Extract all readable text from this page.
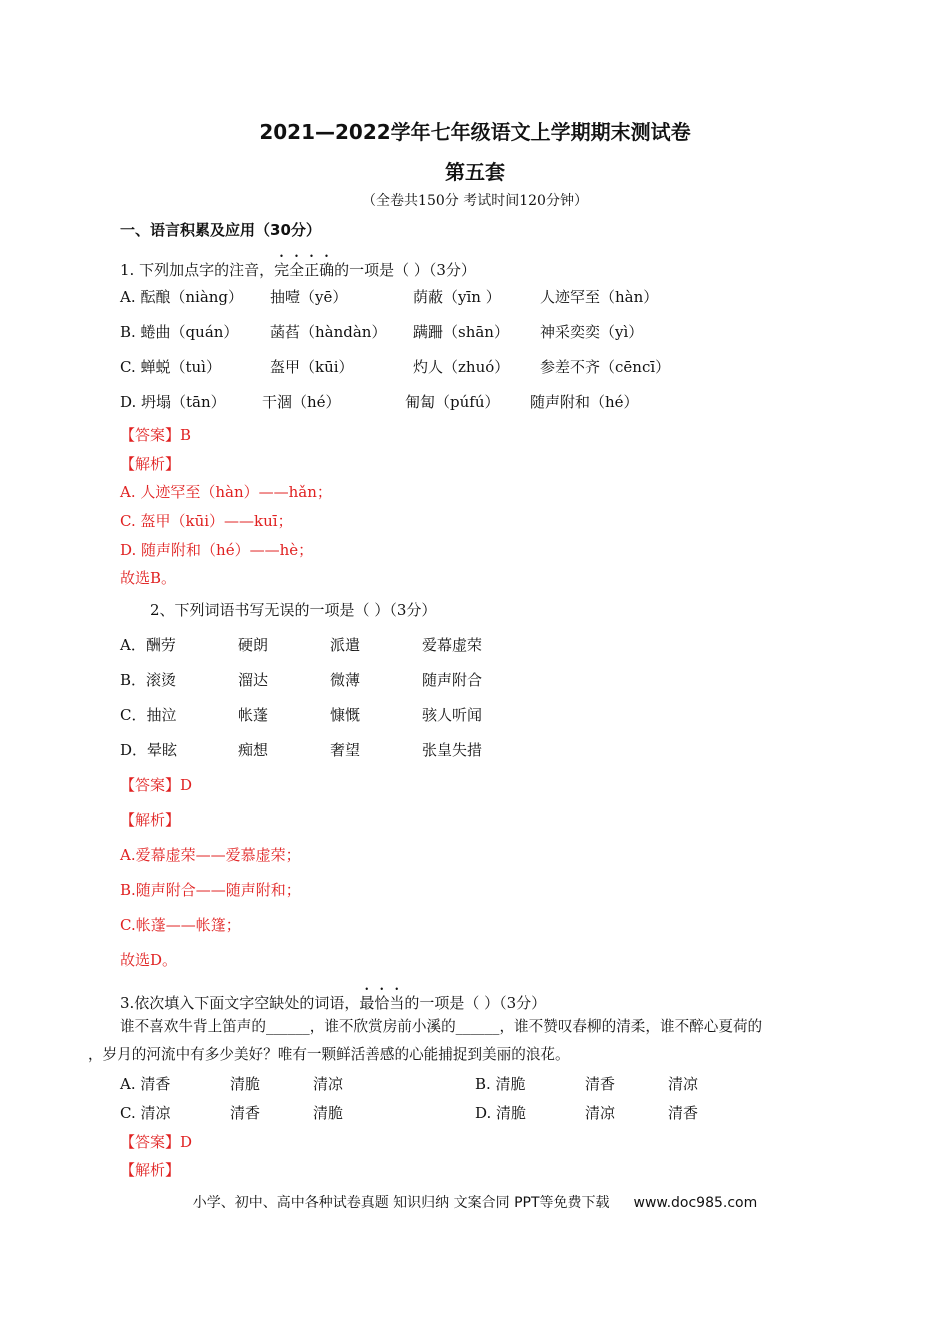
2021—2022学年七年级语文上学期期末测试卷
第五套
（全卷共150分 考试时间120分钟）
一、语言积累及应用（30分）
1. 下列加点字的注音，完全正确的一项是（ ）（3分）
A. 酝酿（niàng） 抽噎（yē）	荫蔽（yīn ）	人迹罕至（hàn）
B. 蜷曲（quán） 菡萏（hàndàn） 蹒跚（shān） 神采奕奕（yì）
C. 蝉蜕（tuì）	盔甲（kūi）	灼人（zhuó） 参差不齐（cēncī）
D. 坍塌（tān） 干涸（hé）	匍匐（púfú） 随声附和（hé）
【答案】B
【解析】
A. 人迹罕至（hàn）——hǎn；
C. 盔甲（kūi）——kuī；
D. 随声附和（hé）——hè；
故选B。
2、下列词语书写无误的一项是（ ）（3分）
A．酬劳	硬朗	派遣	爱幕虚荣
B．滚烫	溜达	微薄	随声附合
C．抽泣	帐蓬	慷慨	骇人听闻
D．晕眩	痴想	奢望	张皇失措
【答案】D
【解析】
A.爱幕虚荣——爱慕虚荣；
B.随声附合——随声附和；
C.帐蓬——帐篷；
故选D。
3.依次填入下面文字空缺处的词语，最恰当的一项是（ ）（3分）
谁不喜欢牛背上笛声的______，谁不欣赏房前小溪的______，谁不赞叹春柳的清柔，谁不醉心夏荷的
，岁月的河流中有多少美好？唯有一颗鲜活善感的心能捕捉到美丽的浪花。
A. 清香	清脆	清凉	B. 清脆	清香	清凉
C. 清凉	清香	清脆	D. 清脆	清凉	清香
【答案】D
【解析】
小学、初中、高中各种试卷真题 知识归纳 文案合同 PPT等免费下载 www.doc985.com
